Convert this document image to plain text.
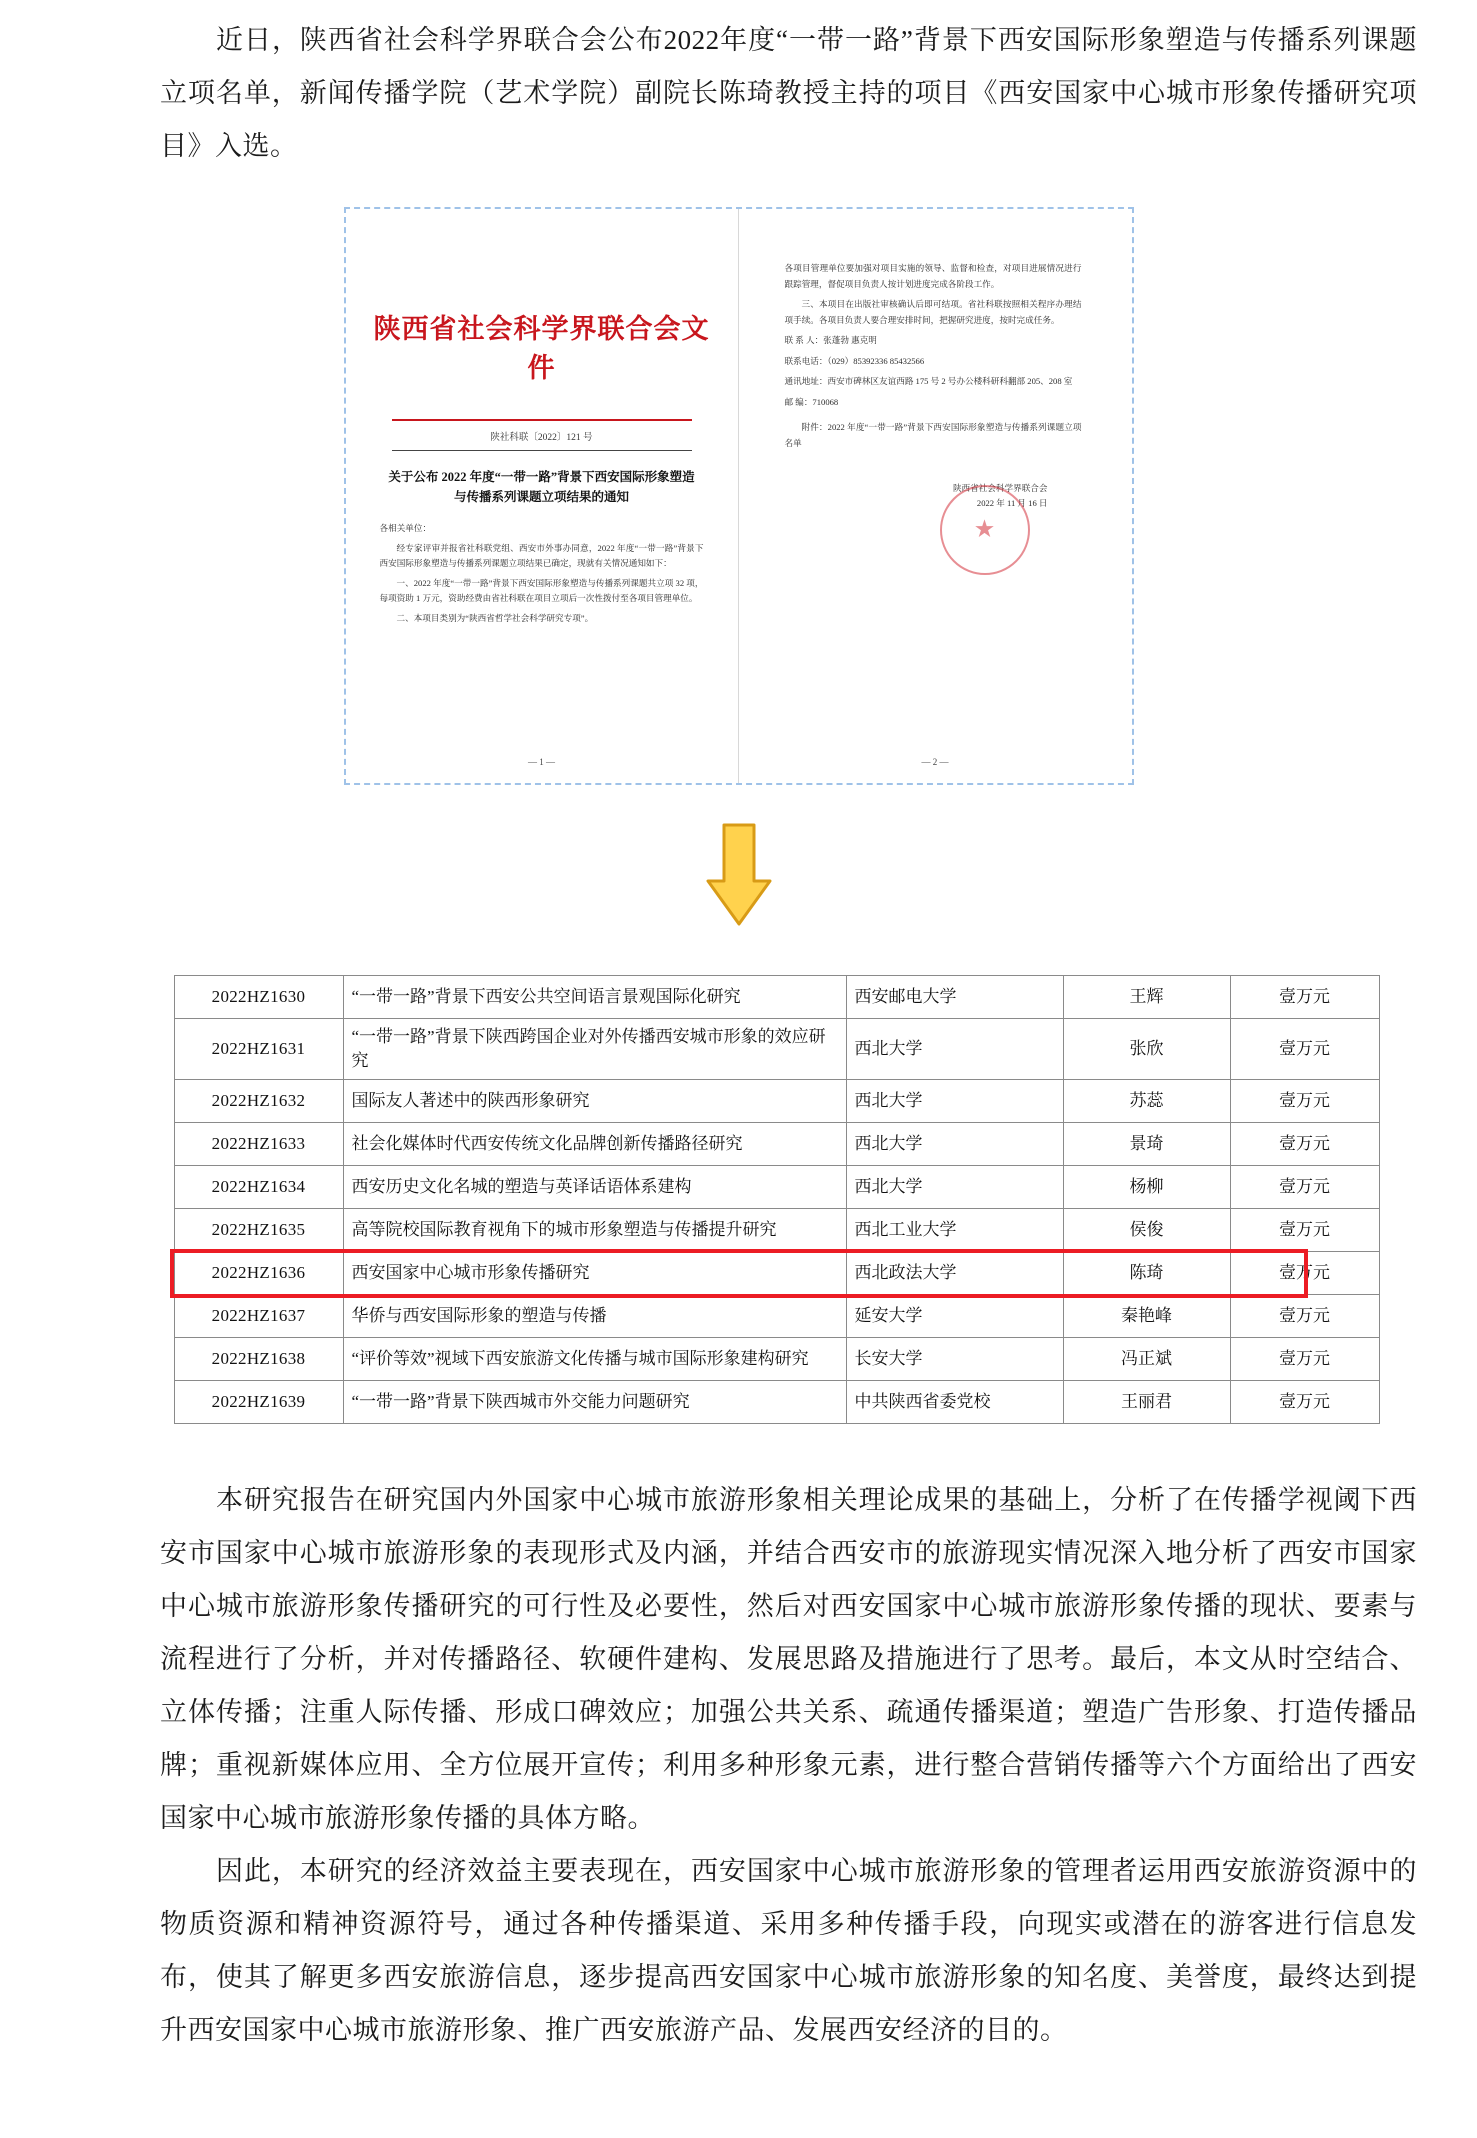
近日，陕西省社会科学界联合会公布2022年度“一带一路”背景下西安国际形象塑造与传播系列课题立项名单，新闻传播学院（艺术学院）副院长陈琦教授主持的项目《西安国家中心城市形象传播研究项目》入选。

陕西省社会科学界联合会文件
陕社科联〔2022〕121 号
关于公布 2022 年度“一带一路”背景下西安国际形象塑造与传播系列课题立项结果的通知

各相关单位：

经专家评审并报省社科联党组、西安市外事办同意，2022 年度“一带一路”背景下西安国际形象塑造与传播系列课题立项结果已确定，现就有关情况通知如下：

一、2022 年度“一带一路”背景下西安国际形象塑造与传播系列课题共立项 32 项，每项资助 1 万元，资助经费由省社科联在项目立项后一次性拨付至各项目管理单位。

二、本项目类别为“陕西省哲学社会科学研究专项”。

— 1 —

各项目管理单位要加强对项目实施的领导、监督和检查，对项目进展情况进行跟踪管理，督促项目负责人按计划进度完成各阶段工作。

三、本项目在出版社审核确认后即可结项。省社科联按照相关程序办理结项手续。各项目负责人要合理安排时间，把握研究进度，按时完成任务。

联 系 人：张蓬勃 惠克明

联系电话：（029）85392336 85432566

通讯地址：西安市碑林区友谊西路 175 号 2 号办公楼科研科翻部 205、208 室

邮 编：710068

附件：2022 年度“一带一路”背景下西安国际形象塑造与传播系列课题立项名单

★
陕西省社会科学界联合会
2022 年 11 月 16 日
— 2 —
2022HZ1630	“一带一路”背景下西安公共空间语言景观国际化研究	西安邮电大学	王辉	壹万元
2022HZ1631	“一带一路”背景下陕西跨国企业对外传播西安城市形象的效应研究	西北大学	张欣	壹万元
2022HZ1632	国际友人著述中的陕西形象研究	西北大学	苏蕊	壹万元
2022HZ1633	社会化媒体时代西安传统文化品牌创新传播路径研究	西北大学	景琦	壹万元
2022HZ1634	西安历史文化名城的塑造与英译话语体系建构	西北大学	杨柳	壹万元
2022HZ1635	高等院校国际教育视角下的城市形象塑造与传播提升研究	西北工业大学	侯俊	壹万元
2022HZ1636	西安国家中心城市形象传播研究	西北政法大学	陈琦	壹万元
2022HZ1637	华侨与西安国际形象的塑造与传播	延安大学	秦艳峰	壹万元
2022HZ1638	“评价等效”视域下西安旅游文化传播与城市国际形象建构研究	长安大学	冯正斌	壹万元
2022HZ1639	“一带一路”背景下陕西城市外交能力问题研究	中共陕西省委党校	王丽君	壹万元

本研究报告在研究国内外国家中心城市旅游形象相关理论成果的基础上，分析了在传播学视阈下西安市国家中心城市旅游形象的表现形式及内涵，并结合西安市的旅游现实情况深入地分析了西安市国家中心城市旅游形象传播研究的可行性及必要性，然后对西安国家中心城市旅游形象传播的现状、要素与流程进行了分析，并对传播路径、软硬件建构、发展思路及措施进行了思考。最后，本文从时空结合、立体传播；注重人际传播、形成口碑效应；加强公共关系、疏通传播渠道；塑造广告形象、打造传播品牌；重视新媒体应用、全方位展开宣传；利用多种形象元素，进行整合营销传播等六个方面给出了西安国家中心城市旅游形象传播的具体方略。

因此，本研究的经济效益主要表现在，西安国家中心城市旅游形象的管理者运用西安旅游资源中的物质资源和精神资源符号，通过各种传播渠道、采用多种传播手段，向现实或潜在的游客进行信息发布，使其了解更多西安旅游信息，逐步提高西安国家中心城市旅游形象的知名度、美誉度，最终达到提升西安国家中心城市旅游形象、推广西安旅游产品、发展西安经济的目的。
